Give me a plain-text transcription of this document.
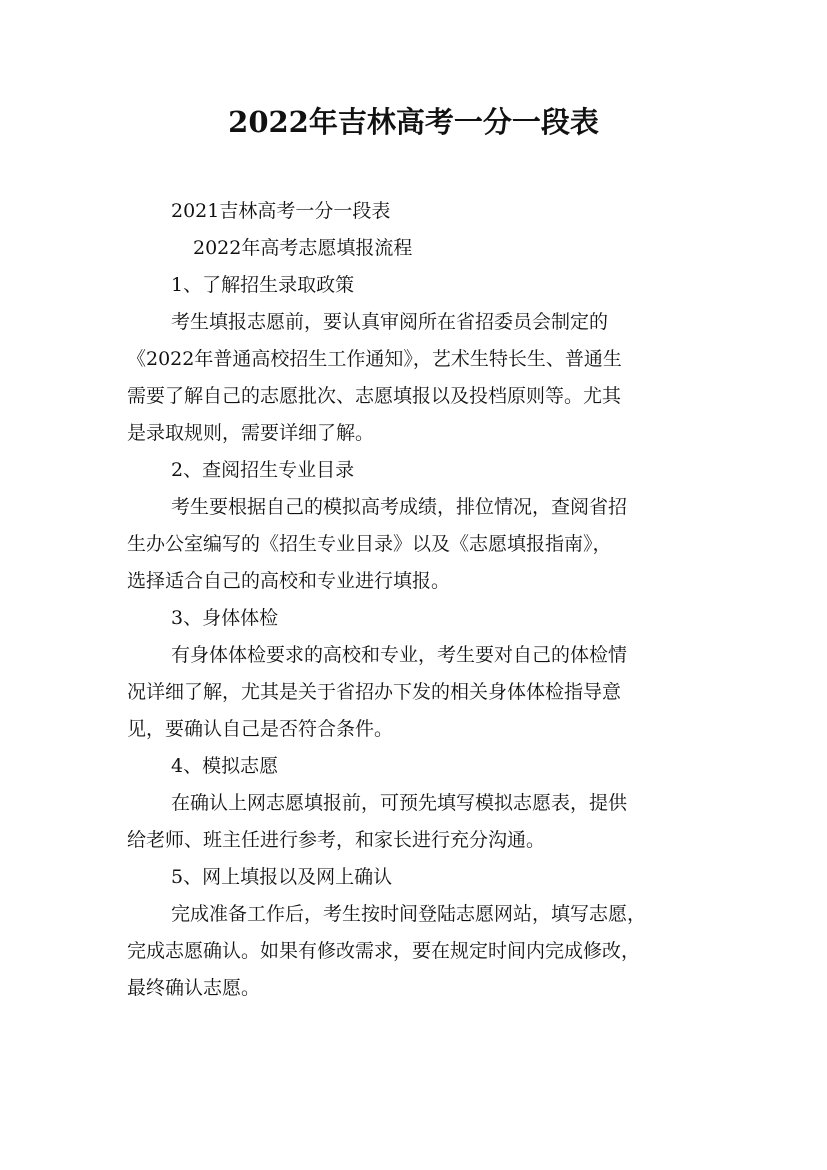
2022年吉林高考一分一段表
2021吉林高考一分一段表
2022年高考志愿填报流程
1、了解招生录取政策
考生填报志愿前，要认真审阅所在省招委员会制定的
《2022年普通高校招生工作通知》，艺术生特长生、普通生
需要了解自己的志愿批次、志愿填报以及投档原则等。尤其
是录取规则，需要详细了解。
2、查阅招生专业目录
考生要根据自己的模拟高考成绩，排位情况，查阅省招
生办公室编写的《招生专业目录》以及《志愿填报指南》，
选择适合自己的高校和专业进行填报。
3、身体体检
有身体体检要求的高校和专业，考生要对自己的体检情
况详细了解，尤其是关于省招办下发的相关身体体检指导意
见，要确认自己是否符合条件。
4、模拟志愿
在确认上网志愿填报前，可预先填写模拟志愿表，提供
给老师、班主任进行参考，和家长进行充分沟通。
5、网上填报以及网上确认
完成准备工作后，考生按时间登陆志愿网站，填写志愿，
完成志愿确认。如果有修改需求，要在规定时间内完成修改，
最终确认志愿。
